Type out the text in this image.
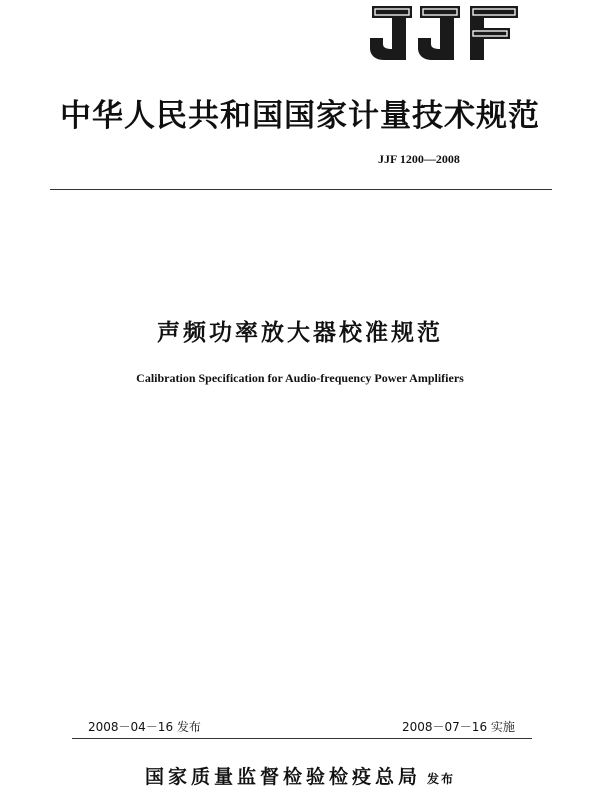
中华人民共和国国家计量技术规范
JJF 1200—2008
声频功率放大器校准规范
Calibration Specification for Audio-frequency Power Amplifiers
2008－04－16 发布	2008－07－16 实施
国家质量监督检验检疫总局 发布
